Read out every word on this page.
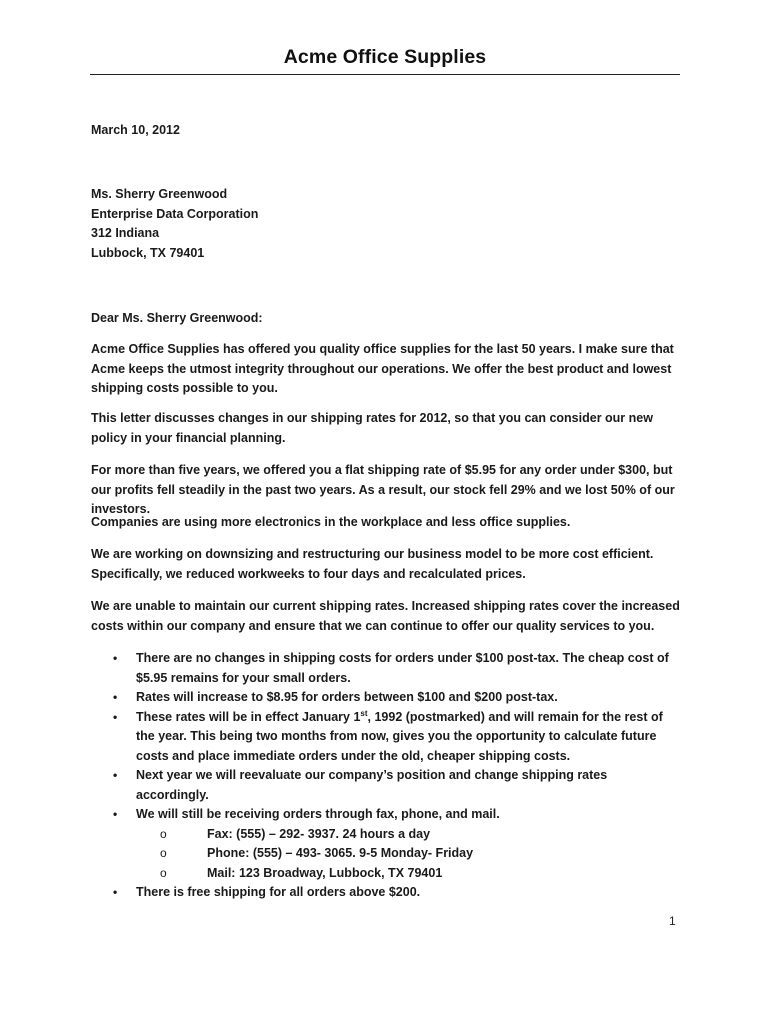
Acme Office Supplies
March 10, 2012
Ms. Sherry Greenwood
Enterprise Data Corporation
312 Indiana
Lubbock, TX 79401
Dear Ms. Sherry Greenwood:

Acme Office Supplies has offered you quality office supplies for the last 50 years. I make sure that Acme keeps the utmost integrity throughout our operations. We offer the best product and lowest shipping costs possible to you.

This letter discusses changes in our shipping rates for 2012, so that you can consider our new policy in your financial planning.

For more than five years, we offered you a flat shipping rate of $5.95 for any order under $300, but our profits fell steadily in the past two years. As a result, our stock fell 29% and we lost 50% of our investors.

Companies are using more electronics in the workplace and less office supplies.

We are working on downsizing and restructuring our business model to be more cost efficient. Specifically, we reduced workweeks to four days and recalculated prices.

We are unable to maintain our current shipping rates. Increased shipping rates cover the increased costs within our company and ensure that we can continue to offer our quality services to you.

• There are no changes in shipping costs for orders under $100 post-tax. The cheap cost of $5.95 remains for your small orders.
• Rates will increase to $8.95 for orders between $100 and $200 post-tax.
• These rates will be in effect January 1st, 1992 (postmarked) and will remain for the rest of the year. This being two months from now, gives you the opportunity to calculate future costs and place immediate orders under the old, cheaper shipping costs.
• Next year we will reevaluate our company’s position and change shipping rates accordingly.
• We will still be receiving orders through fax, phone, and mail.
o	Fax: (555) – 292- 3937. 24 hours a day
o	Phone: (555) – 493- 3065. 9-5 Monday- Friday
o	Mail: 123 Broadway, Lubbock, TX 79401
• There is free shipping for all orders above $200.
1
